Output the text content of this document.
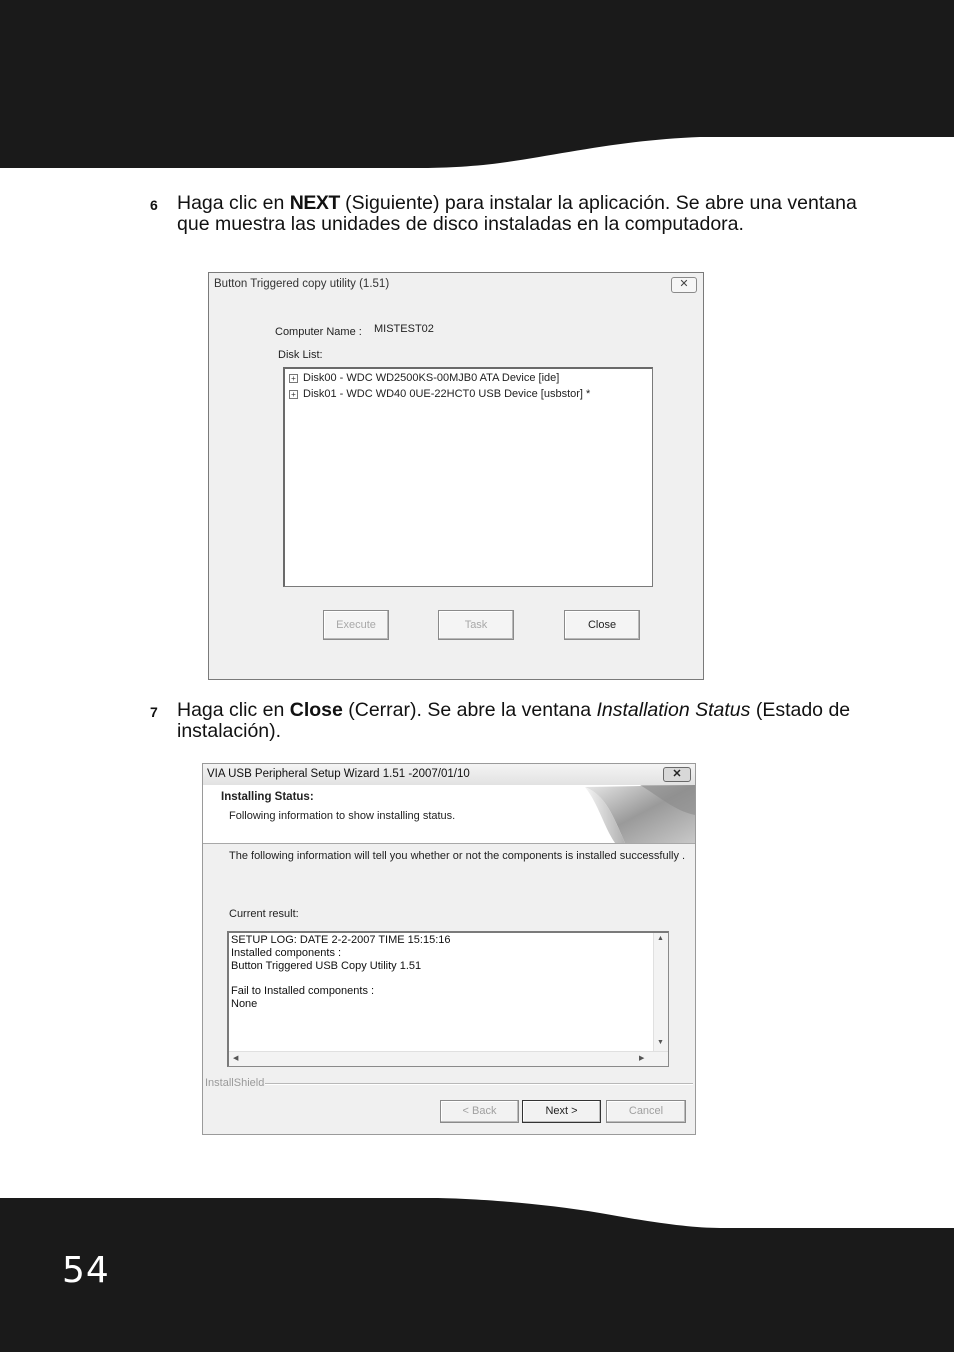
6 Haga clic en NEXT (Siguiente) para instalar la aplicación. Se abre una ventana que muestra las unidades de disco instaladas en la computadora.
Button Triggered copy utility (1.51)	✕
Computer Name : MISTEST02
Disk List:
+ Disk00 - WDC WD2500KS-00MJB0 ATA Device [ide]
+ Disk01 - WDC WD40 0UE-22HCT0 USB Device [usbstor] *
Execute	Task	Close
7 Haga clic en Close (Cerrar). Se abre la ventana Installation Status (Estado de instalación).
VIA USB Peripheral Setup Wizard 1.51 -2007/01/10	✕
Installing Status:
Following information to show installing status.
The following information will tell you whether or not the components is installed successfully .
Current result:
SETUP LOG: DATE 2-2-2007 TIME 15:15:16
Installed components :
Button Triggered USB Copy Utility 1.51
Fail to Installed components :
None
▲
▼
◀	▶
InstallShield
< Back	Next >	Cancel
54
